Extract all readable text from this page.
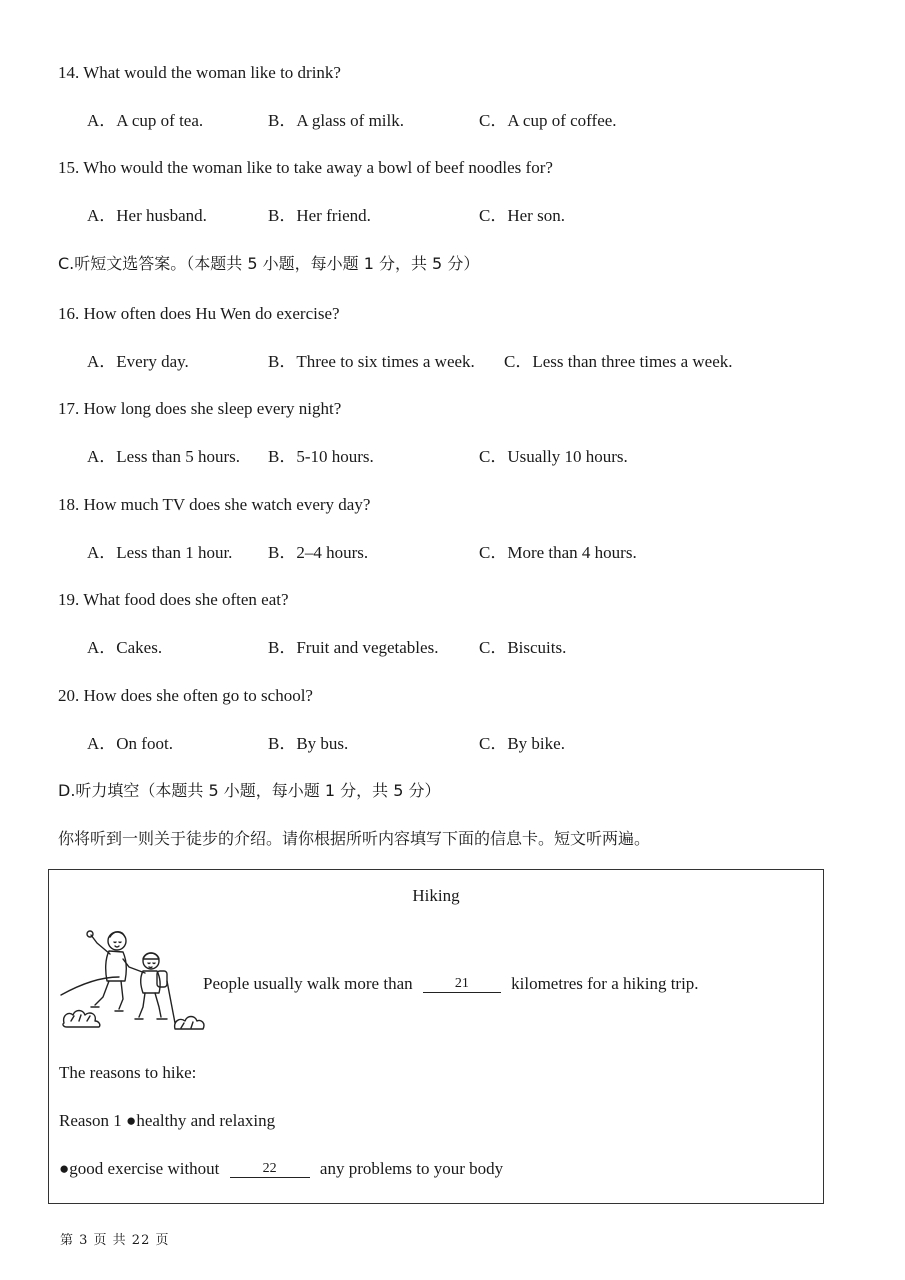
14. What would the woman like to drink?
A．A cup of tea.	B．A glass of milk.	C．A cup of coffee.
15. Who would the woman like to take away a bowl of beef noodles for?
A．Her husband.	B．Her friend.	C．Her son.
C.听短文选答案。（本题共 5 小题，每小题 1 分，共 5 分）
16. How often does Hu Wen do exercise?
A．Every day.	B．Three to six times a week. C．Less than three times a week.
17. How long does she sleep every night?
A．Less than 5 hours. B．5-10 hours.	C．Usually 10 hours.
18. How much TV does she watch every day?
A．Less than 1 hour. B．2–4 hours.	C．More than 4 hours.
19. What food does she often eat?
A．Cakes.	B．Fruit and vegetables. C．Biscuits.
20. How does she often go to school?
A．On foot.	B．By bus.	C．By bike.
D.听力填空（本题共 5 小题，每小题 1 分，共 5 分）
你将听到一则关于徒步的介绍。请你根据所听内容填写下面的信息卡。短文听两遍。
Hiking
People usually walk more than	21 kilometres for a hiking trip.
The reasons to hike:
Reason 1 ●healthy and relaxing
●good exercise without	22	any problems to your body
第 3 页 共 22 页
